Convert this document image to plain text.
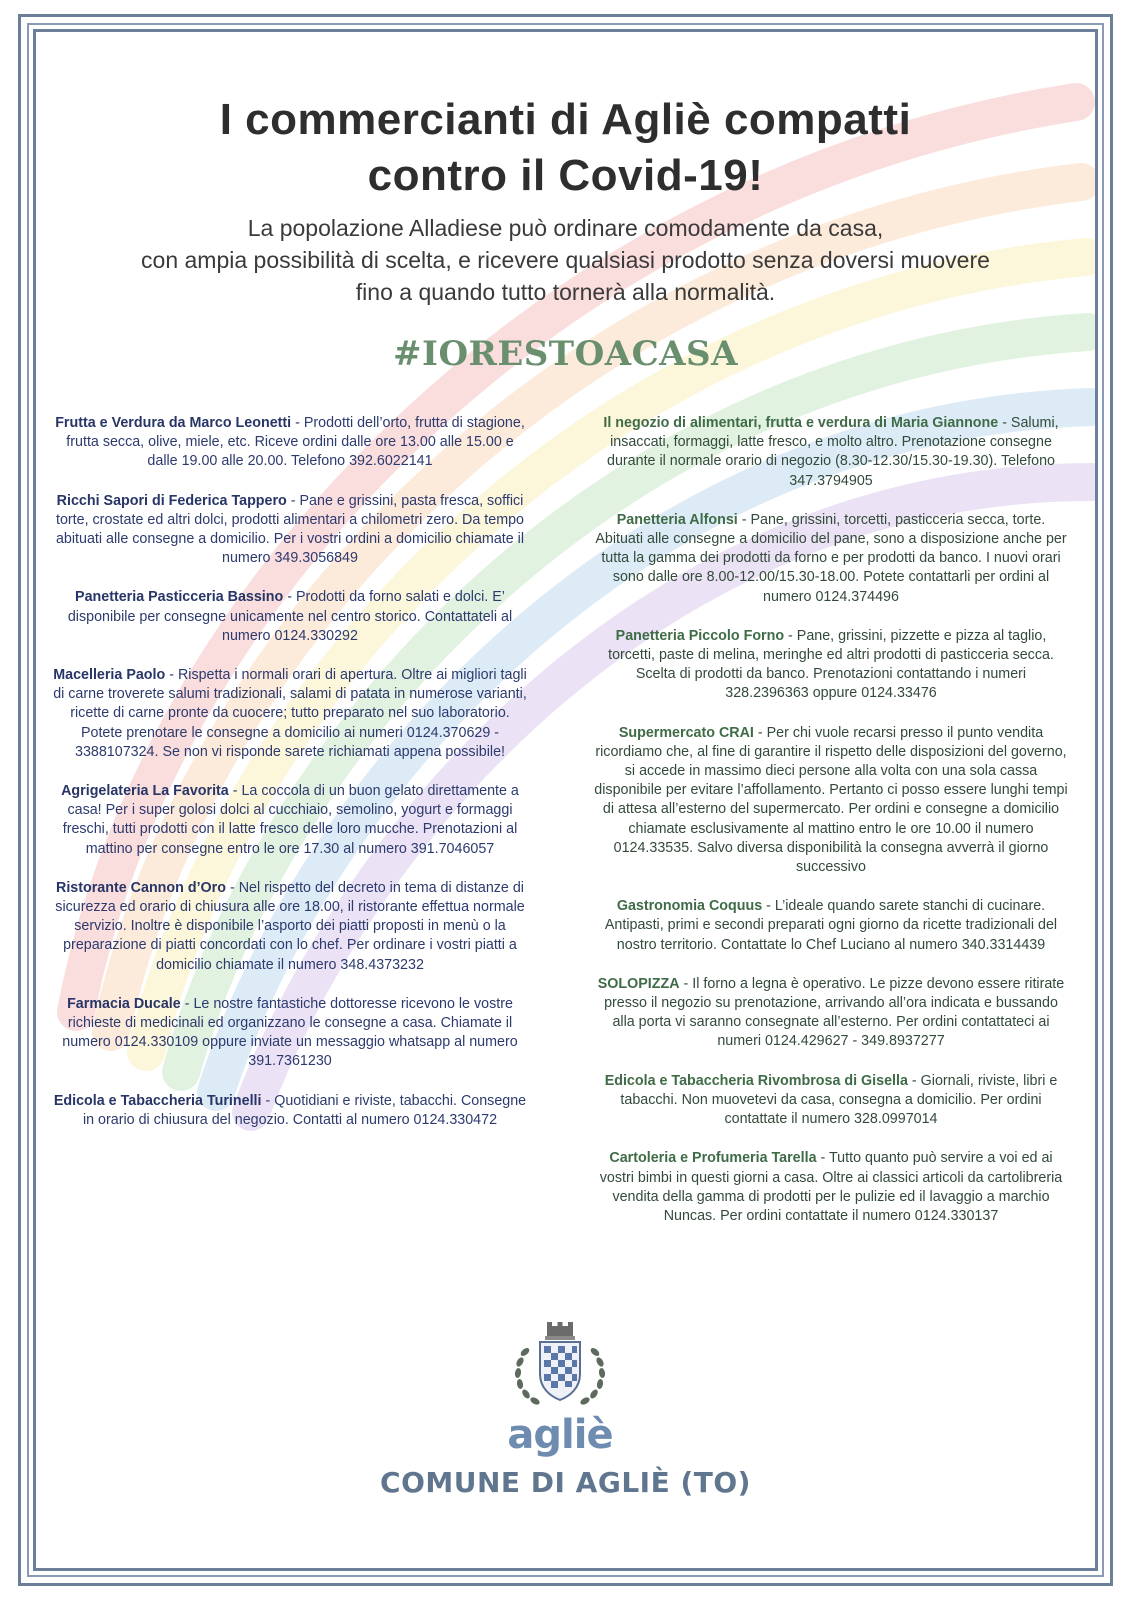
I commercianti di Agliè compatti
contro il Covid-19!

La popolazione Alladiese può ordinare comodamente da casa,
con ampia possibilità di scelta, e ricevere qualsiasi prodotto senza doversi muovere
fino a quando tutto tornerà alla normalità.

#IORESTOACASA

Frutta e Verdura da Marco Leonetti - Prodotti dell’orto, frutta di stagione, frutta secca, olive, miele, etc. Riceve ordini dalle ore 13.00 alle 15.00 e dalle 19.00 alle 20.00. Telefono 392.6022141

Ricchi Sapori di Federica Tappero - Pane e grissini, pasta fresca, soffici torte, crostate ed altri dolci, prodotti alimentari a chilometri zero. Da tempo abituati alle consegne a domicilio. Per i vostri ordini a domicilio chiamate il numero 349.3056849

Panetteria Pasticceria Bassino - Prodotti da forno salati e dolci. E’ disponibile per consegne unicamente nel centro storico. Contattateli al numero 0124.330292

Macelleria Paolo - Rispetta i normali orari di apertura. Oltre ai migliori tagli di carne troverete salumi tradizionali, salami di patata in numerose varianti, ricette di carne pronte da cuocere; tutto preparato nel suo laboratorio. Potete prenotare le consegne a domicilio ai numeri 0124.370629 - 3388107324. Se non vi risponde sarete richiamati appena possibile!

Agrigelateria La Favorita - La coccola di un buon gelato direttamente a casa! Per i super golosi dolci al cucchiaio, semolino, yogurt e formaggi freschi, tutti prodotti con il latte fresco delle loro mucche. Prenotazioni al mattino per consegne entro le ore 17.30 al numero 391.7046057

Ristorante Cannon d’Oro - Nel rispetto del decreto in tema di distanze di sicurezza ed orario di chiusura alle ore 18.00, il ristorante effettua normale servizio. Inoltre è disponibile l’asporto dei piatti proposti in menù o la preparazione di piatti concordati con lo chef. Per ordinare i vostri piatti a domicilio chiamate il numero 348.4373232

Farmacia Ducale - Le nostre fantastiche dottoresse ricevono le vostre richieste di medicinali ed organizzano le consegne a casa. Chiamate il numero 0124.330109 oppure inviate un messaggio whatsapp al numero 391.7361230

Edicola e Tabaccheria Turinelli - Quotidiani e riviste, tabacchi. Consegne in orario di chiusura del negozio. Contatti al numero 0124.330472

Il negozio di alimentari, frutta e verdura di Maria Giannone - Salumi, insaccati, formaggi, latte fresco, e molto altro. Prenotazione consegne durante il normale orario di negozio (8.30-12.30/15.30-19.30). Telefono 347.3794905

Panetteria Alfonsi - Pane, grissini, torcetti, pasticceria secca, torte. Abituati alle consegne a domicilio del pane, sono a disposizione anche per tutta la gamma dei prodotti da forno e per prodotti da banco. I nuovi orari sono dalle ore 8.00-12.00/15.30-18.00. Potete contattarli per ordini al numero 0124.374496

Panetteria Piccolo Forno - Pane, grissini, pizzette e pizza al taglio, torcetti, paste di melina, meringhe ed altri prodotti di pasticceria secca. Scelta di prodotti da banco. Prenotazioni contattando i numeri 328.2396363 oppure 0124.33476

Supermercato CRAI - Per chi vuole recarsi presso il punto vendita ricordiamo che, al fine di garantire il rispetto delle disposizioni del governo, si accede in massimo dieci persone alla volta con una sola cassa disponibile per evitare l’affollamento. Pertanto ci posso essere lunghi tempi di attesa all’esterno del supermercato. Per ordini e consegne a domicilio chiamate esclusivamente al mattino entro le ore 10.00 il numero 0124.33535. Salvo diversa disponibilità la consegna avverrà il giorno successivo

Gastronomia Coquus - L’ideale quando sarete stanchi di cucinare. Antipasti, primi e secondi preparati ogni giorno da ricette tradizionali del nostro territorio. Contattate lo Chef Luciano al numero 340.3314439

SOLOPIZZA - Il forno a legna è operativo. Le pizze devono essere ritirate presso il negozio su prenotazione, arrivando all’ora indicata e bussando alla porta vi saranno consegnate all’esterno. Per ordini contattateci ai numeri 0124.429627 - 349.8937277

Edicola e Tabaccheria Rivombrosa di Gisella - Giornali, riviste, libri e tabacchi. Non muovetevi da casa, consegna a domicilio. Per ordini contattate il numero 328.0997014

Cartoleria e Profumeria Tarella - Tutto quanto può servire a voi ed ai vostri bimbi in questi giorni a casa. Oltre ai classici articoli da cartolibreria vendita della gamma di prodotti per le pulizie ed il lavaggio a marchio Nuncas. Per ordini contattate il numero 0124.330137

agliè

COMUNE DI AGLIÈ (TO)
